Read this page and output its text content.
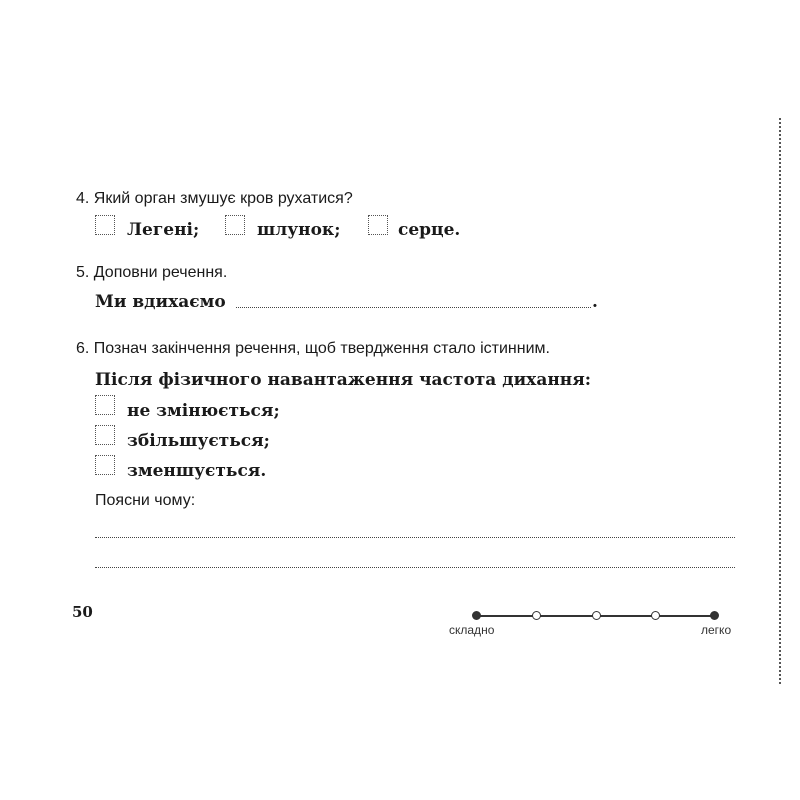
4. Який орган змушує кров рухатися?
Легені;	шлунок;	серце.
5. Доповни речення.
Ми вдихаємо	.
6. Познач закінчення речення, щоб твердження стало істинним.
Після фізичного навантаження частота дихання:
не змінюється;
збільшується;
зменшується.
Поясни чому:
50
складно	легко
